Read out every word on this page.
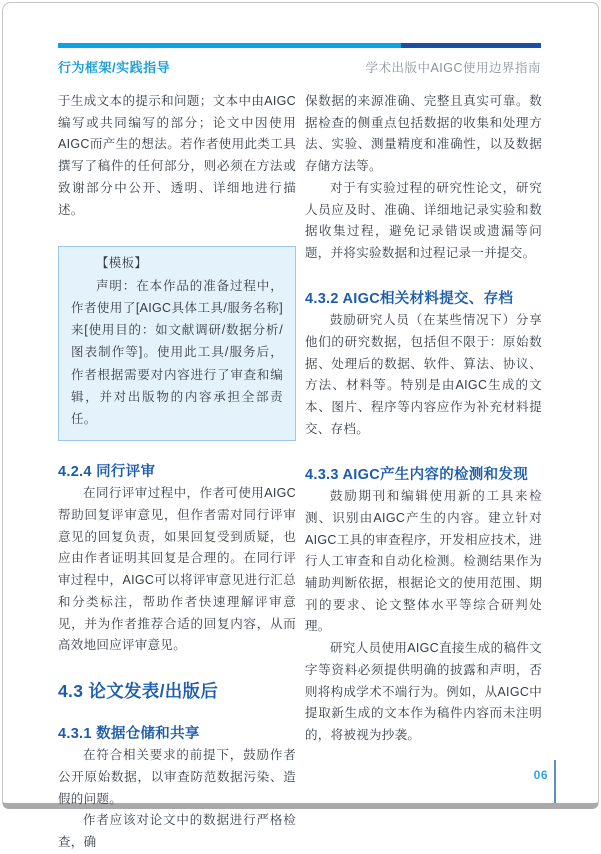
行为框架/实践指导	学术出版中AIGC使用边界指南

于生成文本的提示和问题；文本中由AIGC编写或共同编写的部分；论文中因使用AIGC而产生的想法。若作者使用此类工具撰写了稿件的任何部分，则必须在方法或致谢部分中公开、透明、详细地进行描述。

【模板】

声明：在本作品的准备过程中，作者使用了[AIGC具体工具/服务名称]来[使用目的：如文献调研/数据分析/图表制作等]。使用此工具/服务后，作者根据需要对内容进行了审查和编辑，并对出版物的内容承担全部责任。

4.2.4 同行评审

在同行评审过程中，作者可使用AIGC帮助回复评审意见，但作者需对同行评审意见的回复负责，如果回复受到质疑，也应由作者证明其回复是合理的。在同行评审过程中，AIGC可以将评审意见进行汇总和分类标注，帮助作者快速理解评审意见，并为作者推荐合适的回复内容，从而高效地回应评审意见。

4.3 论文发表/出版后
4.3.1 数据仓储和共享

在符合相关要求的前提下，鼓励作者公开原始数据，以审查防范数据污染、造假的问题。

作者应该对论文中的数据进行严格检查，确

保数据的来源准确、完整且真实可靠。数据检查的侧重点包括数据的收集和处理方法、实验、测量精度和准确性，以及数据存储方法等。

对于有实验过程的研究性论文，研究人员应及时、准确、详细地记录实验和数据收集过程，避免记录错误或遗漏等问题，并将实验数据和过程记录一并提交。

4.3.2 AIGC相关材料提交、存档

鼓励研究人员（在某些情况下）分享他们的研究数据，包括但不限于：原始数据、处理后的数据、软件、算法、协议、方法、材料等。特别是由AIGC生成的文本、图片、程序等内容应作为补充材料提交、存档。

4.3.3 AIGC产生内容的检测和发现

鼓励期刊和编辑使用新的工具来检测、识别由AIGC产生的内容。建立针对AIGC工具的审查程序，开发相应技术，进行人工审查和自动化检测。检测结果作为辅助判断依据，根据论文的使用范围、期刊的要求、论文整体水平等综合研判处理。

研究人员使用AIGC直接生成的稿件文字等资料必须提供明确的披露和声明，否则将构成学术不端行为。例如，从AIGC中提取新生成的文本作为稿件内容而未注明的，将被视为抄袭。

06
